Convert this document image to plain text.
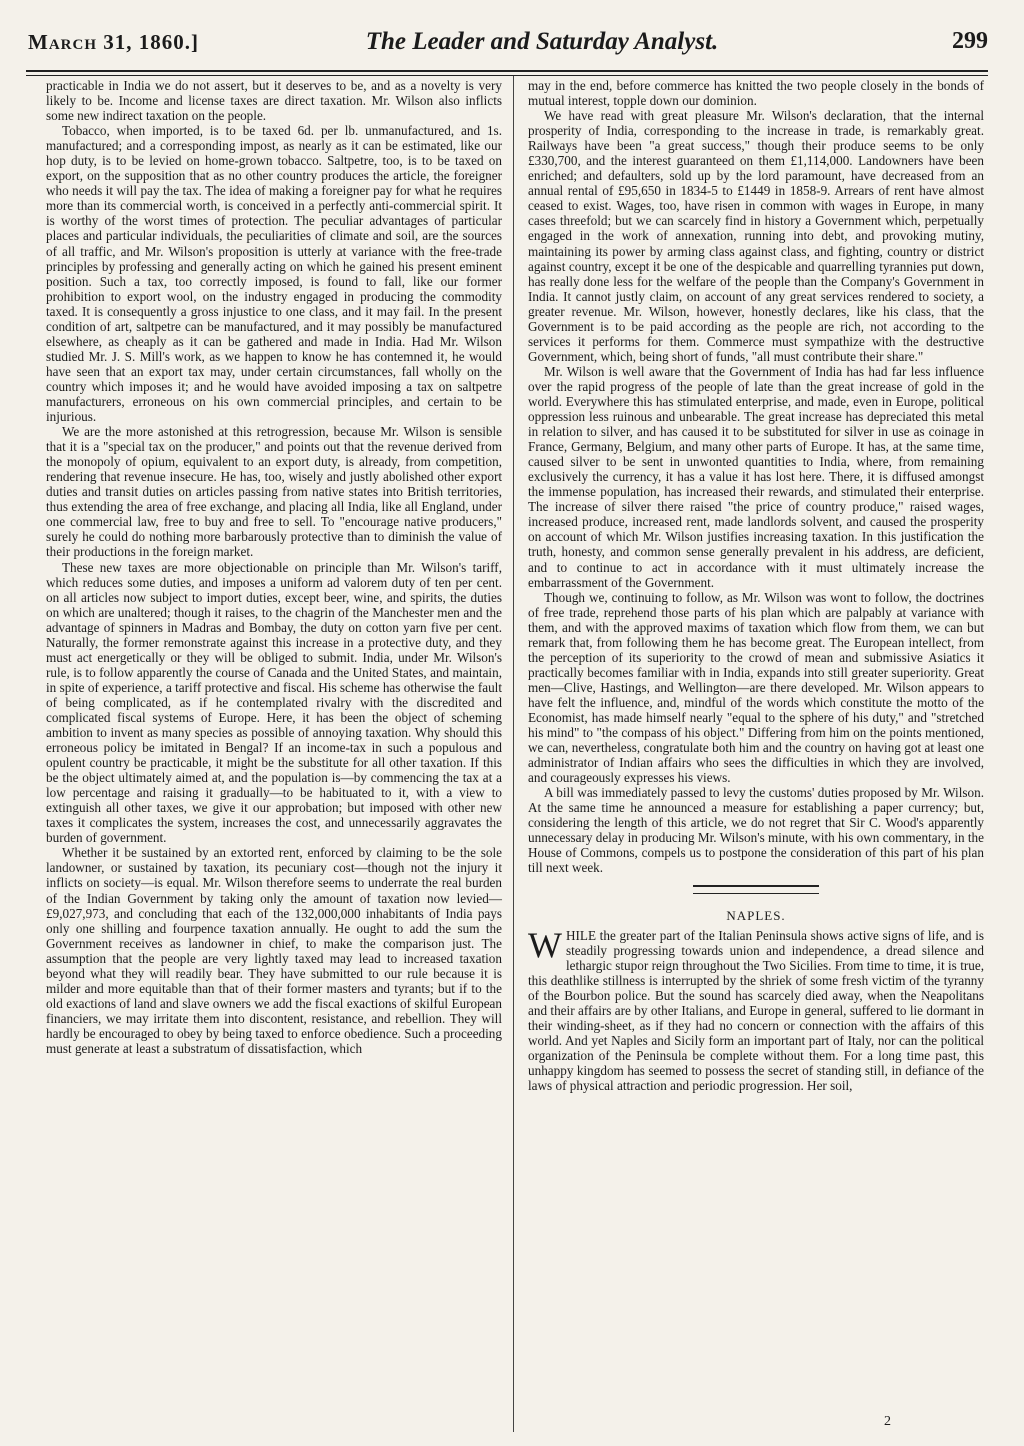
March 31, 1860.]	The Leader and Saturday Analyst.	299

practicable in India we do not assert, but it deserves to be, and as a novelty is very likely to be. Income and license taxes are direct taxation. Mr. Wilson also inflicts some new indirect taxation on the people.

Tobacco, when imported, is to be taxed 6d. per lb. unmanufactured, and 1s. manufactured; and a corresponding impost, as nearly as it can be estimated, like our hop duty, is to be levied on home-grown tobacco. Saltpetre, too, is to be taxed on export, on the supposition that as no other country produces the article, the foreigner who needs it will pay the tax. The idea of making a foreigner pay for what he requires more than its commercial worth, is conceived in a perfectly anti-commercial spirit. It is worthy of the worst times of protection. The peculiar advantages of particular places and particular individuals, the peculiarities of climate and soil, are the sources of all traffic, and Mr. Wilson's proposition is utterly at variance with the free-trade principles by professing and generally acting on which he gained his present eminent position. Such a tax, too correctly imposed, is found to fall, like our former prohibition to export wool, on the industry engaged in producing the commodity taxed. It is consequently a gross injustice to one class, and it may fail. In the present condition of art, saltpetre can be manufactured, and it may possibly be manufactured elsewhere, as cheaply as it can be gathered and made in India. Had Mr. Wilson studied Mr. J. S. Mill's work, as we happen to know he has contemned it, he would have seen that an export tax may, under certain circumstances, fall wholly on the country which imposes it; and he would have avoided imposing a tax on saltpetre manufacturers, erroneous on his own commercial principles, and certain to be injurious.

We are the more astonished at this retrogression, because Mr. Wilson is sensible that it is a "special tax on the producer," and points out that the revenue derived from the monopoly of opium, equivalent to an export duty, is already, from competition, rendering that revenue insecure. He has, too, wisely and justly abolished other export duties and transit duties on articles passing from native states into British territories, thus extending the area of free exchange, and placing all India, like all England, under one commercial law, free to buy and free to sell. To "encourage native producers," surely he could do nothing more barbarously protective than to diminish the value of their productions in the foreign market.

These new taxes are more objectionable on principle than Mr. Wilson's tariff, which reduces some duties, and imposes a uniform ad valorem duty of ten per cent. on all articles now subject to import duties, except beer, wine, and spirits, the duties on which are unaltered; though it raises, to the chagrin of the Manchester men and the advantage of spinners in Madras and Bombay, the duty on cotton yarn five per cent. Naturally, the former remonstrate against this increase in a protective duty, and they must act energetically or they will be obliged to submit. India, under Mr. Wilson's rule, is to follow apparently the course of Canada and the United States, and maintain, in spite of experience, a tariff protective and fiscal. His scheme has otherwise the fault of being complicated, as if he contemplated rivalry with the discredited and complicated fiscal systems of Europe. Here, it has been the object of scheming ambition to invent as many species as possible of annoying taxation. Why should this erroneous policy be imitated in Bengal? If an income-tax in such a populous and opulent country be practicable, it might be the substitute for all other taxation. If this be the object ultimately aimed at, and the population is—by commencing the tax at a low percentage and raising it gradually—to be habituated to it, with a view to extinguish all other taxes, we give it our approbation; but imposed with other new taxes it complicates the system, increases the cost, and unnecessarily aggravates the burden of government.

Whether it be sustained by an extorted rent, enforced by claiming to be the sole landowner, or sustained by taxation, its pecuniary cost—though not the injury it inflicts on society—is equal. Mr. Wilson therefore seems to underrate the real burden of the Indian Government by taking only the amount of taxation now levied—£9,027,973, and concluding that each of the 132,000,000 inhabitants of India pays only one shilling and fourpence taxation annually. He ought to add the sum the Government receives as landowner in chief, to make the comparison just. The assumption that the people are very lightly taxed may lead to increased taxation beyond what they will readily bear. They have submitted to our rule because it is milder and more equitable than that of their former masters and tyrants; but if to the old exactions of land and slave owners we add the fiscal exactions of skilful European financiers, we may irritate them into discontent, resistance, and rebellion. They will hardly be encouraged to obey by being taxed to enforce obedience. Such a proceeding must generate at least a substratum of dissatisfaction, which

may in the end, before commerce has knitted the two people closely in the bonds of mutual interest, topple down our dominion.

We have read with great pleasure Mr. Wilson's declaration, that the internal prosperity of India, corresponding to the increase in trade, is remarkably great. Railways have been "a great success," though their produce seems to be only £330,700, and the interest guaranteed on them £1,114,000. Landowners have been enriched; and defaulters, sold up by the lord paramount, have decreased from an annual rental of £95,650 in 1834-5 to £1449 in 1858-9. Arrears of rent have almost ceased to exist. Wages, too, have risen in common with wages in Europe, in many cases threefold; but we can scarcely find in history a Government which, perpetually engaged in the work of annexation, running into debt, and provoking mutiny, maintaining its power by arming class against class, and fighting, country or district against country, except it be one of the despicable and quarrelling tyrannies put down, has really done less for the welfare of the people than the Company's Government in India. It cannot justly claim, on account of any great services rendered to society, a greater revenue. Mr. Wilson, however, honestly declares, like his class, that the Government is to be paid according as the people are rich, not according to the services it performs for them. Commerce must sympathize with the destructive Government, which, being short of funds, "all must contribute their share."

Mr. Wilson is well aware that the Government of India has had far less influence over the rapid progress of the people of late than the great increase of gold in the world. Everywhere this has stimulated enterprise, and made, even in Europe, political oppression less ruinous and unbearable. The great increase has depreciated this metal in relation to silver, and has caused it to be substituted for silver in use as coinage in France, Germany, Belgium, and many other parts of Europe. It has, at the same time, caused silver to be sent in unwonted quantities to India, where, from remaining exclusively the currency, it has a value it has lost here. There, it is diffused amongst the immense population, has increased their rewards, and stimulated their enterprise. The increase of silver there raised "the price of country produce," raised wages, increased produce, increased rent, made landlords solvent, and caused the prosperity on account of which Mr. Wilson justifies increasing taxation. In this justification the truth, honesty, and common sense generally prevalent in his address, are deficient, and to continue to act in accordance with it must ultimately increase the embarrassment of the Government.

Though we, continuing to follow, as Mr. Wilson was wont to follow, the doctrines of free trade, reprehend those parts of his plan which are palpably at variance with them, and with the approved maxims of taxation which flow from them, we can but remark that, from following them he has become great. The European intellect, from the perception of its superiority to the crowd of mean and submissive Asiatics it practically becomes familiar with in India, expands into still greater superiority. Great men—Clive, Hastings, and Wellington—are there developed. Mr. Wilson appears to have felt the influence, and, mindful of the words which constitute the motto of the Economist, has made himself nearly "equal to the sphere of his duty," and "stretched his mind" to "the compass of his object." Differing from him on the points mentioned, we can, nevertheless, congratulate both him and the country on having got at least one administrator of Indian affairs who sees the difficulties in which they are involved, and courageously expresses his views.

A bill was immediately passed to levy the customs' duties proposed by Mr. Wilson. At the same time he announced a measure for establishing a paper currency; but, considering the length of this article, we do not regret that Sir C. Wood's apparently unnecessary delay in producing Mr. Wilson's minute, with his own commentary, in the House of Commons, compels us to postpone the consideration of this part of his plan till next week.

NAPLES.

WHILE the greater part of the Italian Peninsula shows active signs of life, and is steadily progressing towards union and independence, a dread silence and lethargic stupor reign throughout the Two Sicilies. From time to time, it is true, this deathlike stillness is interrupted by the shriek of some fresh victim of the tyranny of the Bourbon police. But the sound has scarcely died away, when the Neapolitans and their affairs are by other Italians, and Europe in general, suffered to lie dormant in their winding-sheet, as if they had no concern or connection with the affairs of this world. And yet Naples and Sicily form an important part of Italy, nor can the political organization of the Peninsula be complete without them. For a long time past, this unhappy kingdom has seemed to possess the secret of standing still, in defiance of the laws of physical attraction and periodic progression. Her soil,

2
